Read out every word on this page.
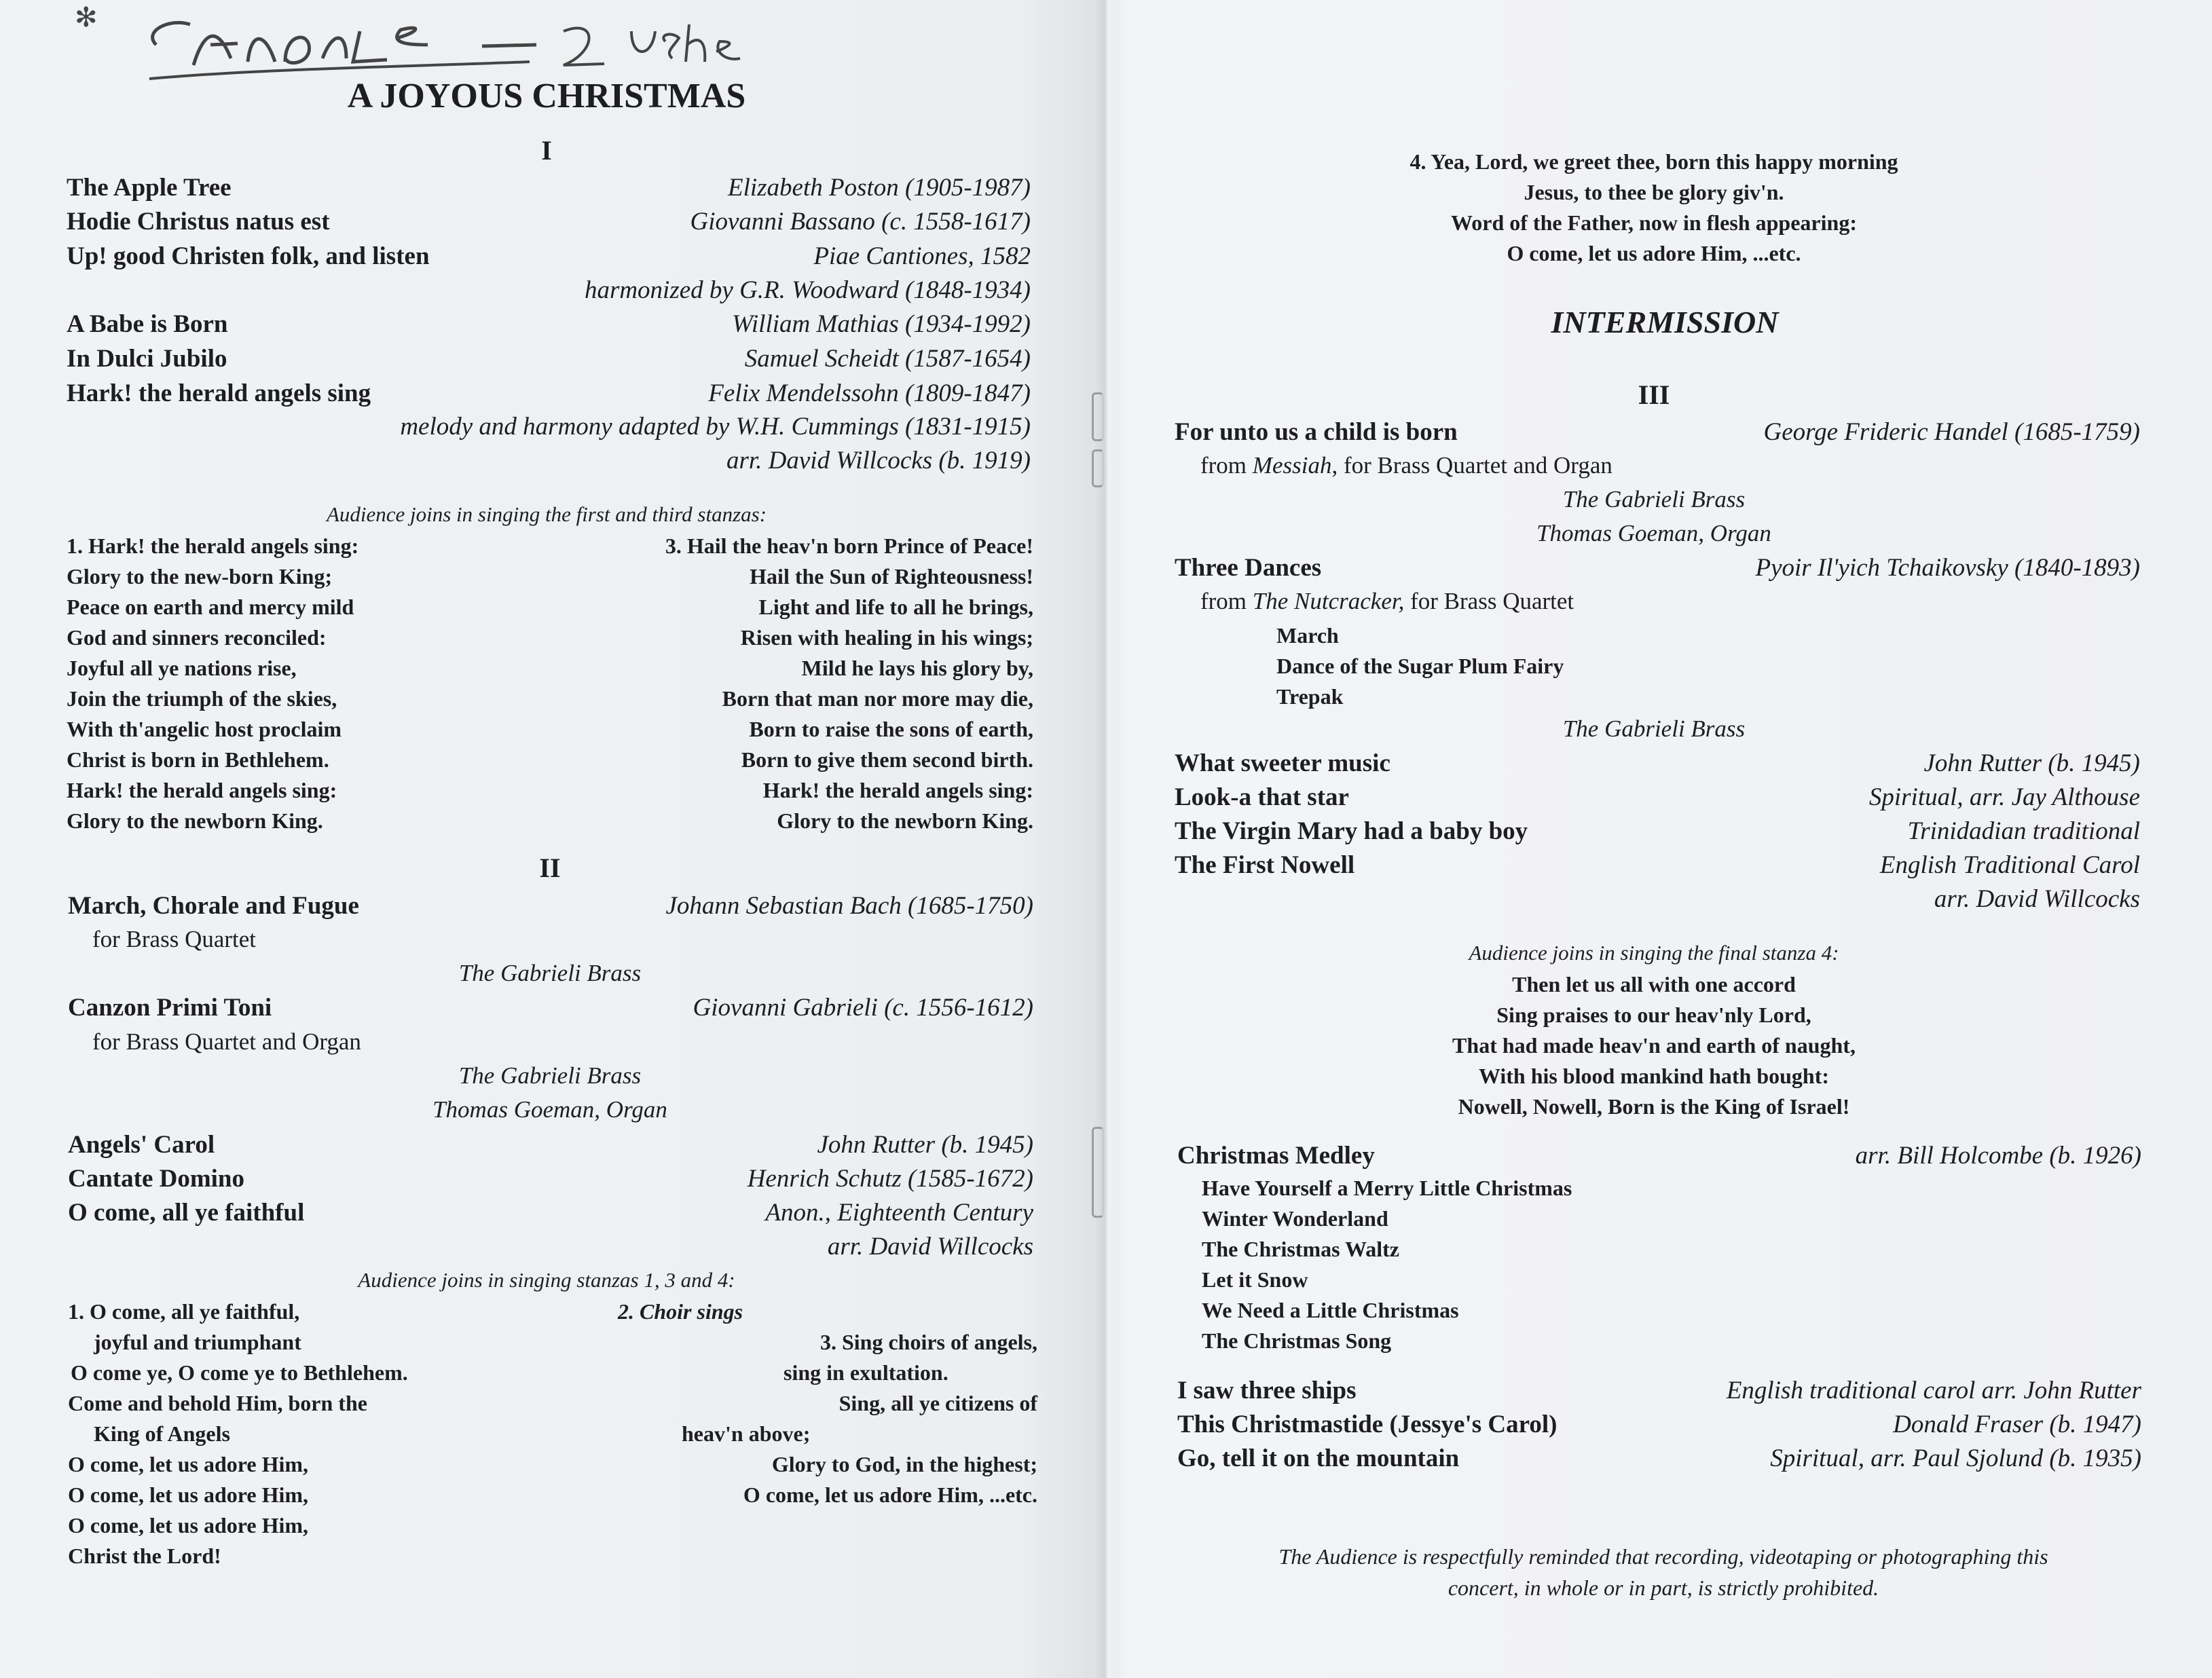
✻
A JOYOUS CHRISTMAS
I
The Apple Tree	Elizabeth Poston (1905-1987)
Hodie Christus natus est	Giovanni Bassano (c. 1558-1617)
Up! good Christen folk, and listen	Piae Cantiones, 1582
harmonized by G.R. Woodward (1848-1934)
A Babe is Born	William Mathias (1934-1992)
In Dulci Jubilo	Samuel Scheidt (1587-1654)
Hark! the herald angels sing	Felix Mendelssohn (1809-1847)
melody and harmony adapted by W.H. Cummings (1831-1915)
arr. David Willcocks (b. 1919)
Audience joins in singing the first and third stanzas:
1. Hark! the herald angels sing:
Glory to the new-born King;
Peace on earth and mercy mild
God and sinners reconciled:
Joyful all ye nations rise,
Join the triumph of the skies,
With th'angelic host proclaim
Christ is born in Bethlehem.
Hark! the herald angels sing:
Glory to the newborn King.
3. Hail the heav'n born Prince of Peace!
Hail the Sun of Righteousness!
Light and life to all he brings,
Risen with healing in his wings;
Mild he lays his glory by,
Born that man nor more may die,
Born to raise the sons of earth,
Born to give them second birth.
Hark! the herald angels sing:
Glory to the newborn King.
II
March, Chorale and Fugue	Johann Sebastian Bach (1685-1750)
for Brass Quartet
The Gabrieli Brass
Canzon Primi Toni	Giovanni Gabrieli (c. 1556-1612)
for Brass Quartet and Organ
The Gabrieli Brass
Thomas Goeman, Organ
Angels' Carol	John Rutter (b. 1945)
Cantate Domino	Henrich Schutz (1585-1672)
O come, all ye faithful	Anon., Eighteenth Century
arr. David Willcocks
Audience joins in singing stanzas 1, 3 and 4:
1. O come, all ye faithful,
joyful and triumphant
O come ye, O come ye to Bethlehem.
Come and behold Him, born the
King of Angels
O come, let us adore Him,
O come, let us adore Him,
O come, let us adore Him,
Christ the Lord!
2. Choir sings
3. Sing choirs of angels,
sing in exultation.
Sing, all ye citizens of
heav'n above;
Glory to God, in the highest;
O come, let us adore Him, ...etc.
4. Yea, Lord, we greet thee, born this happy morning
Jesus, to thee be glory giv'n.
Word of the Father, now in flesh appearing:
O come, let us adore Him, ...etc.
INTERMISSION
III
For unto us a child is born	George Frideric Handel (1685-1759)
from Messiah, for Brass Quartet and Organ
The Gabrieli Brass
Thomas Goeman, Organ
Three Dances	Pyoir Il'yich Tchaikovsky (1840-1893)
from The Nutcracker, for Brass Quartet
March
Dance of the Sugar Plum Fairy
Trepak
The Gabrieli Brass
What sweeter music	John Rutter (b. 1945)
Look-a that star	Spiritual, arr. Jay Althouse
The Virgin Mary had a baby boy	Trinidadian traditional
The First Nowell	English Traditional Carol
arr. David Willcocks
Audience joins in singing the final stanza 4:
Then let us all with one accord
Sing praises to our heav'nly Lord,
That had made heav'n and earth of naught,
With his blood mankind hath bought:
Nowell, Nowell, Born is the King of Israel!
Christmas Medley	arr. Bill Holcombe (b. 1926)
Have Yourself a Merry Little Christmas
Winter Wonderland
The Christmas Waltz
Let it Snow
We Need a Little Christmas
The Christmas Song
I saw three ships	English traditional carol arr. John Rutter
This Christmastide (Jessye's Carol)	Donald Fraser (b. 1947)
Go, tell it on the mountain	Spiritual, arr. Paul Sjolund (b. 1935)
The Audience is respectfully reminded that recording, videotaping or photographing this
concert, in whole or in part, is strictly prohibited.
